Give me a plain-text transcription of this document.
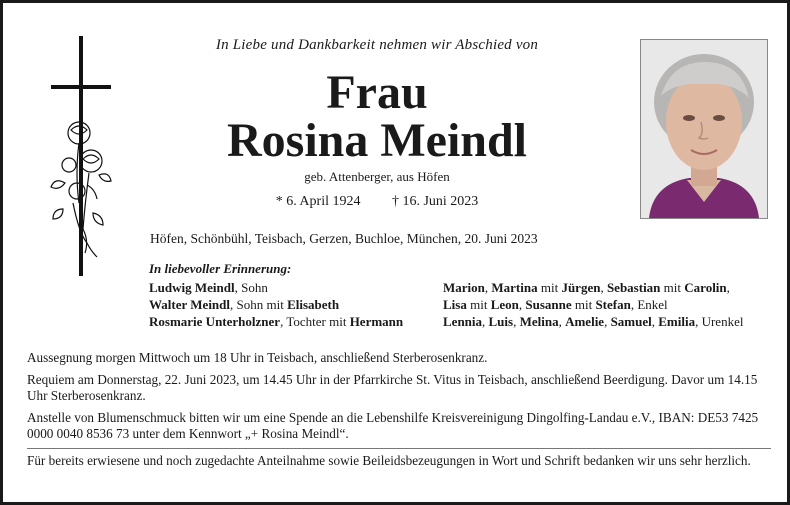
In Liebe und Dankbarkeit nehmen wir Abschied von
Frau
Rosina Meindl
geb. Attenberger, aus Höfen
* 6. April 1924 † 16. Juni 2023
Höfen, Schönbühl, Teisbach, Gerzen, Buchloe, München, 20. Juni 2023
In liebevoller Erinnerung:
Ludwig Meindl, Sohn
Walter Meindl, Sohn mit Elisabeth
Rosmarie Unterholzner, Tochter mit Hermann
Marion, Martina mit Jürgen, Sebastian mit Carolin,
Lisa mit Leon, Susanne mit Stefan, Enkel
Lennia, Luis, Melina, Amelie, Samuel, Emilia, Urenkel

Aussegnung morgen Mittwoch um 18 Uhr in Teisbach, anschließend Sterberosenkranz.

Requiem am Donnerstag, 22. Juni 2023, um 14.45 Uhr in der Pfarrkirche St. Vitus in Teisbach, anschließend Beerdigung. Davor um 14.15 Uhr Sterberosenkranz.

Anstelle von Blumenschmuck bitten wir um eine Spende an die Lebenshilfe Kreisvereinigung Dingolfing-Landau e.V., IBAN: DE53 7425 0000 0040 8536 73 unter dem Kennwort „+ Rosina Meindl“.

Für bereits erwiesene und noch zugedachte Anteilnahme sowie Beileidsbezeugungen in Wort und Schrift bedanken wir uns sehr herzlich.
